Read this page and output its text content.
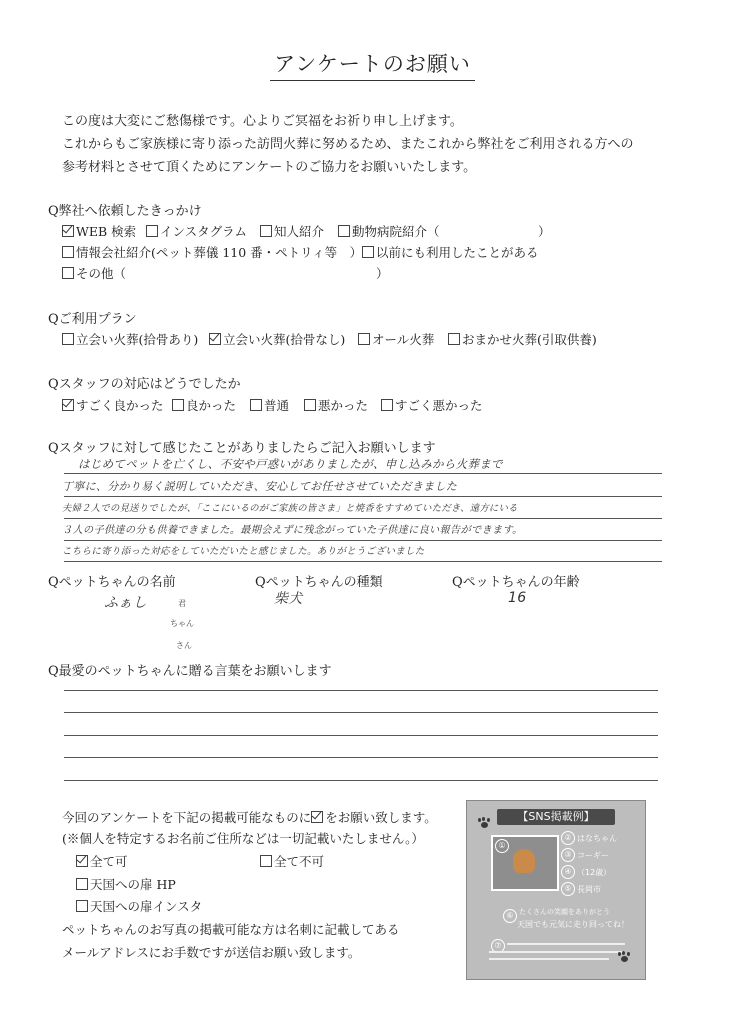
アンケートのお願い
この度は大変にご愁傷様です。心よりご冥福をお祈り申し上げます。
これからもご家族様に寄り添った訪問火葬に努めるため、またこれから弊社をご利用される方への
参考材料とさせて頂くためにアンケートのご協力をお願いいたします。
Q弊社へ依頼したきっかけ
WEB 検索	インスタグラム	知人紹介	動物病院紹介（	）
情報会社紹介(ペット葬儀 110 番・ペトリィ等　）	以前にも利用したことがある
その他（	）
Qご利用プラン
立会い火葬(拾骨あり)	立会い火葬(拾骨なし)	オール火葬	おまかせ火葬(引取供養)
Qスタッフの対応はどうでしたか
すごく良かった	良かった	普通	悪かった	すごく悪かった
Qスタッフに対して感じたことがありましたらご記入お願いします
はじめてペットを亡くし、不安や戸惑いがありましたが、申し込みから火葬まで
丁寧に、分かり易く説明していただき、安心してお任せさせていただきました
夫婦２人での見送りでしたが、「ここにいるのがご家族の皆さま」と焼香をすすめていただき、遠方にいる
３人の子供達の分も供養できました。最期会えずに残念がっていた子供達に良い報告ができます。
こちらに寄り添った対応をしていただいたと感じました。ありがとうございました
Qペットちゃんの名前
ふぁし	君
ちゃん
さん
Qペットちゃんの種類
柴犬
Qペットちゃんの年齢
16
Q最愛のペットちゃんに贈る言葉をお願いします
今回のアンケートを下記の掲載可能なものに をお願い致します。
(※個人を特定するお名前ご住所などは一切記載いたしません。）
全て可	全て不可
天国への扉 HP
天国への扉インスタ
ペットちゃんのお写真の掲載可能な方は名刺に記載してある
メールアドレスにお手数ですが送信お願い致します。
【SNS掲載例】
①
② はなちゃん
③ コーギー
④ （12歳）
⑤ 長岡市
⑥ たくさんの笑顔をありがとう
天国でも元気に走り回ってね！
⑦
